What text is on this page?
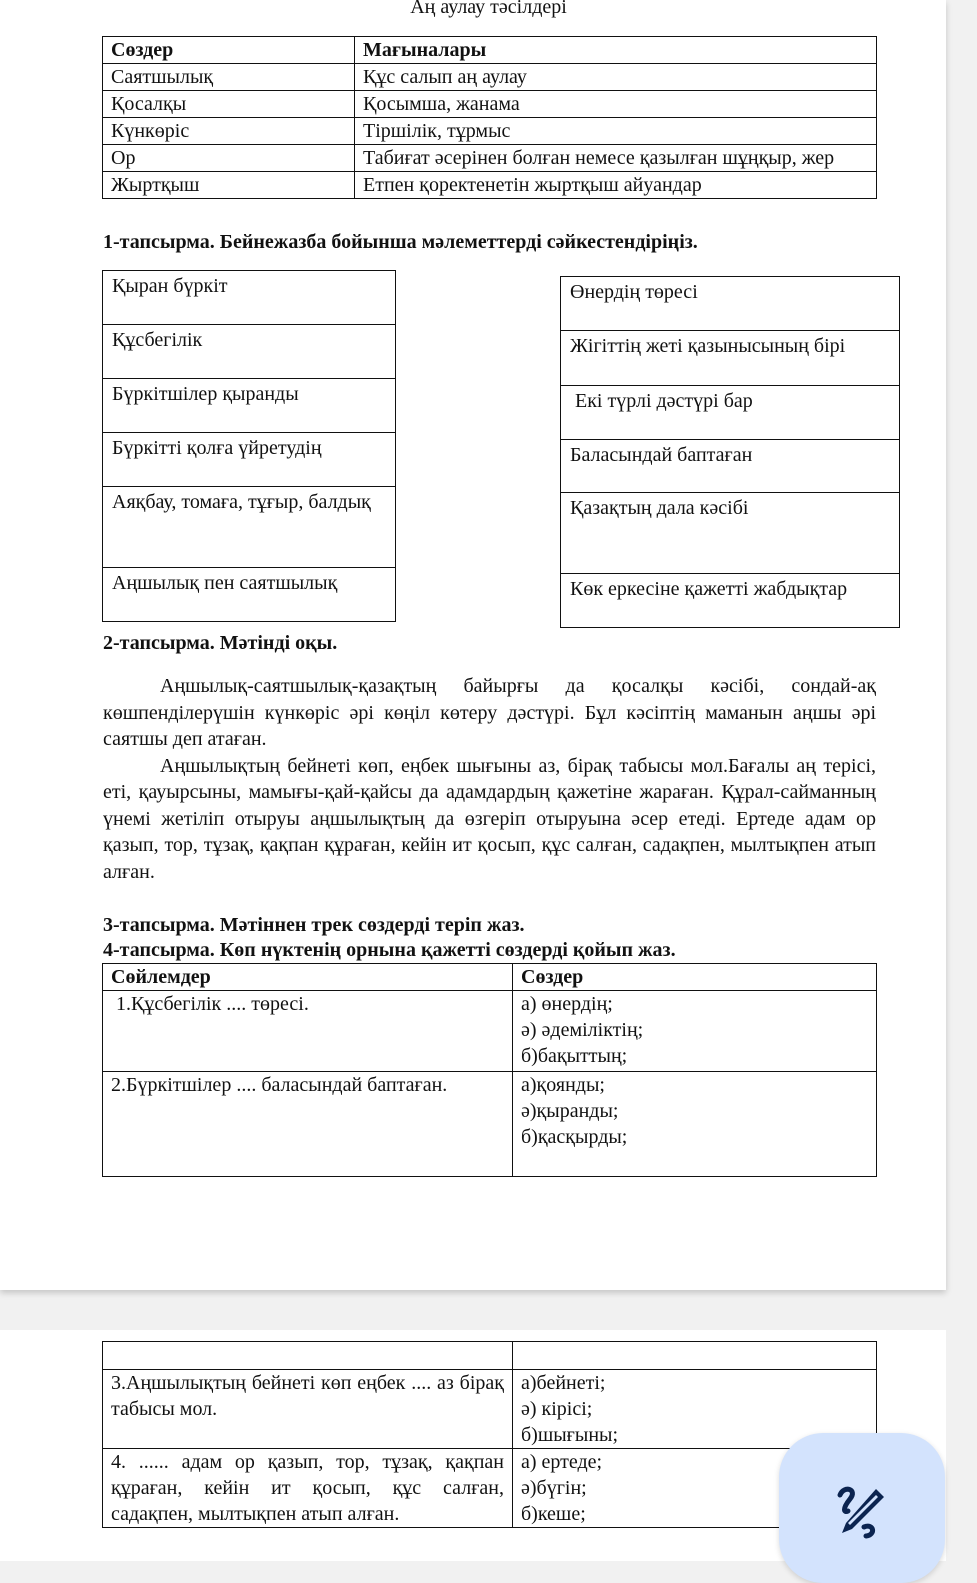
Аң аулау тәсілдері
Сөздер	Мағыналары
Саятшылық	Құс салып аң аулау
Қосалқы	Қосымша, жанама
Күнкөріс	Тіршілік, тұрмыс
Ор	Табиғат әсерінен болған немесе қазылған шұңқыр, жер
Жыртқыш	Етпен қоректенетін жыртқыш айуандар
1-тапсырма. Бейнежазба бойынша мәлеметтерді сәйкестендіріңіз.
Қыран бүркіт
Құсбегілік
Бүркітшілер қыранды
Бүркітті қолға үйретудің
Аяқбау, томаға, тұғыр, балдық
Аңшылық пен саятшылық
Өнердің төресі
Жігіттің жеті қазынысының бірі
Екі түрлі дәстүрі бар
Баласындай баптаған
Қазақтың дала кәсібі
Көк еркесіне қажетті жабдықтар
2-тапсырма. Мәтінді оқы.
Аңшылық-саятшылық-қазақтың байырғы да қосалқы кәсібі, сондай-ақ көшпенділерүшін күнкөріс әрі көңіл көтеру дәстүрі. Бұл кәсіптің маманын аңшы әрі саятшы деп атаған.
Аңшылықтың бейнеті көп, еңбек шығыны аз, бірақ табысы мол.Бағалы аң терісі, еті, қауырсыны, мамығы-қай-қайсы да адамдардың қажетіне жараған. Құрал-сайманның үнемі жетіліп отыруы аңшылықтың да өзгеріп отыруына әсер етеді. Ертеде адам ор қазып, тор, тұзақ, қақпан құраған, кейін ит қосып, құс салған, садақпен, мылтықпен атып алған.
3-тапсырма. Мәтіннен трек сөздерді теріп жаз.
4-тапсырма. Көп нүктенің орнына қажетті сөздерді қойып жаз.
Сөйлемдер	Сөздер
1.Құсбегілік .... төресі.	а) өнердің;
ә) әдеміліктің;
б)бақыттың;

2.Бүркітшілер .... баласындай баптаған.	а)қоянды;
ә)қыранды;
б)қасқырды;

3.Аңшылықтың бейнеті көп еңбек .... аз бірақ табысы мол.	а)бейнеті;
ә) кірісі;
б)шығыны;

4. ...... адам ор қазып, тор, тұзақ, қақпан құраған, кейін ит қосып, құс салған, садақпен, мылтықпен атып алған.	а) ертеде;
ә)бүгін;
б)кеше;
